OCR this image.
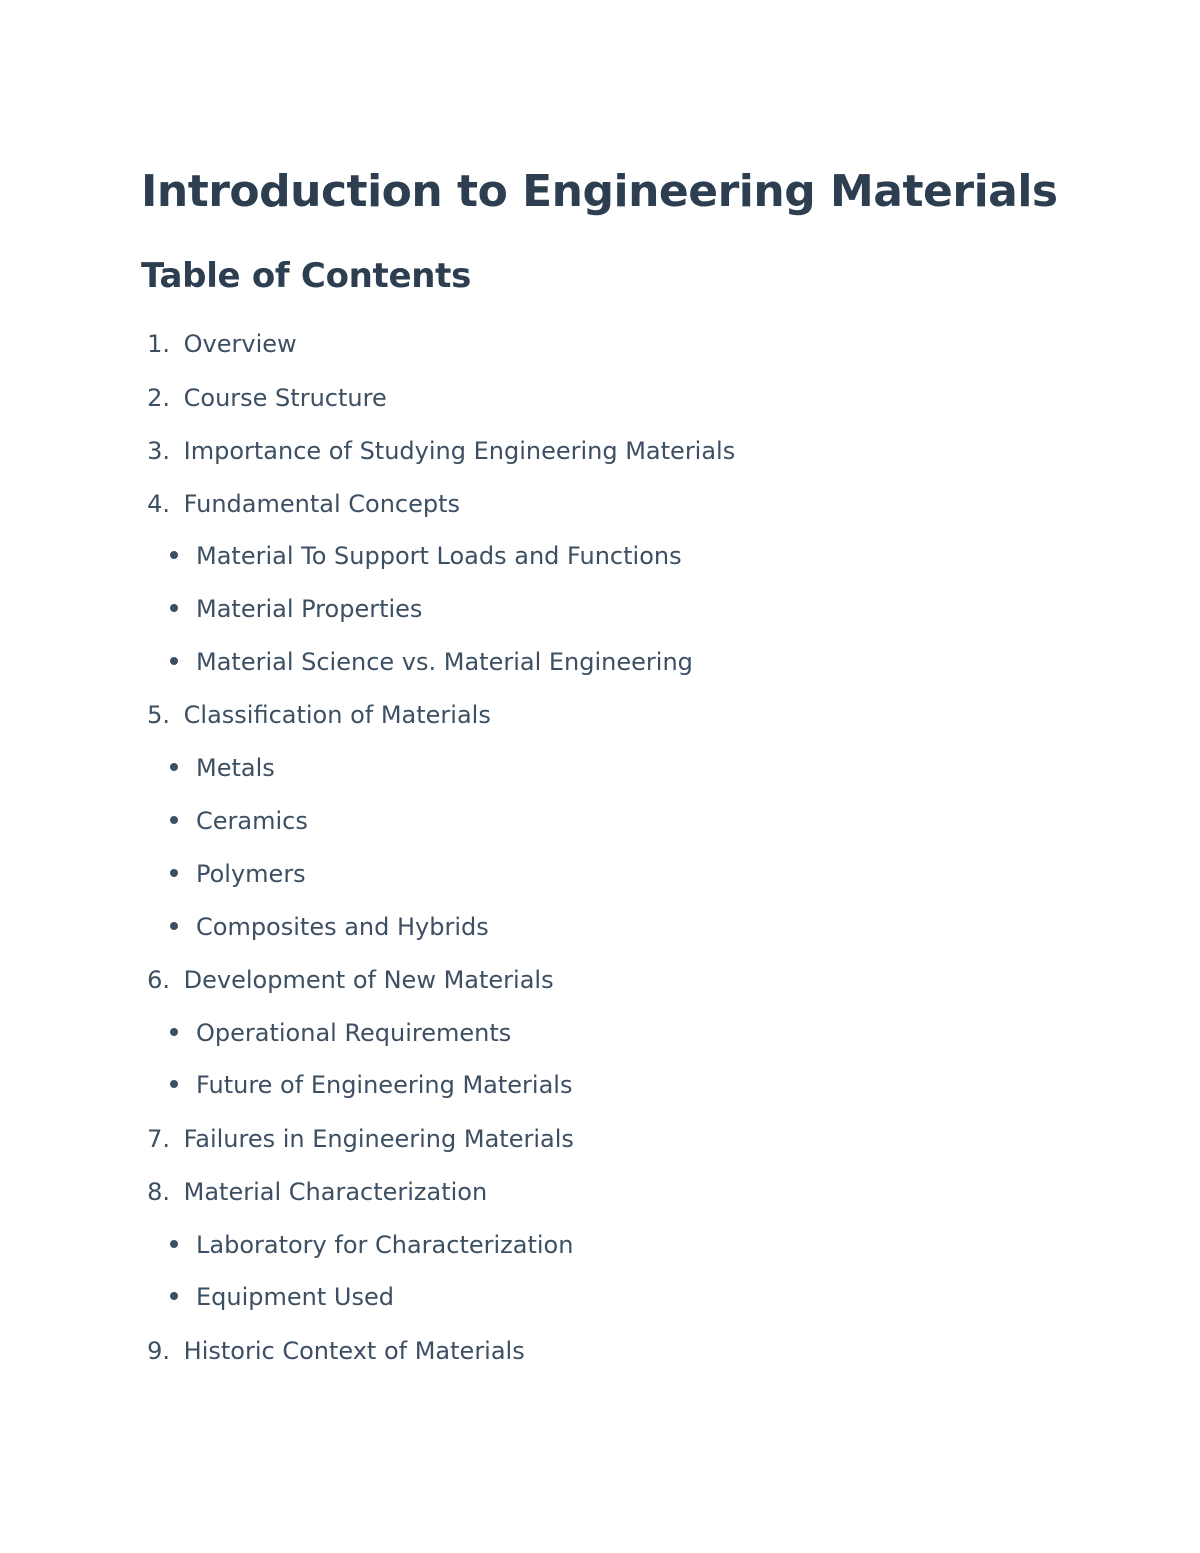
Introduction to Engineering Materials
Table of Contents
1. Overview
2. Course Structure
3. Importance of Studying Engineering Materials
4. Fundamental Concepts
Material To Support Loads and Functions
Material Properties
Material Science vs. Material Engineering
5. Classification of Materials
Metals
Ceramics
Polymers
Composites and Hybrids
6. Development of New Materials
Operational Requirements
Future of Engineering Materials
7. Failures in Engineering Materials
8. Material Characterization
Laboratory for Characterization
Equipment Used
9. Historic Context of Materials
